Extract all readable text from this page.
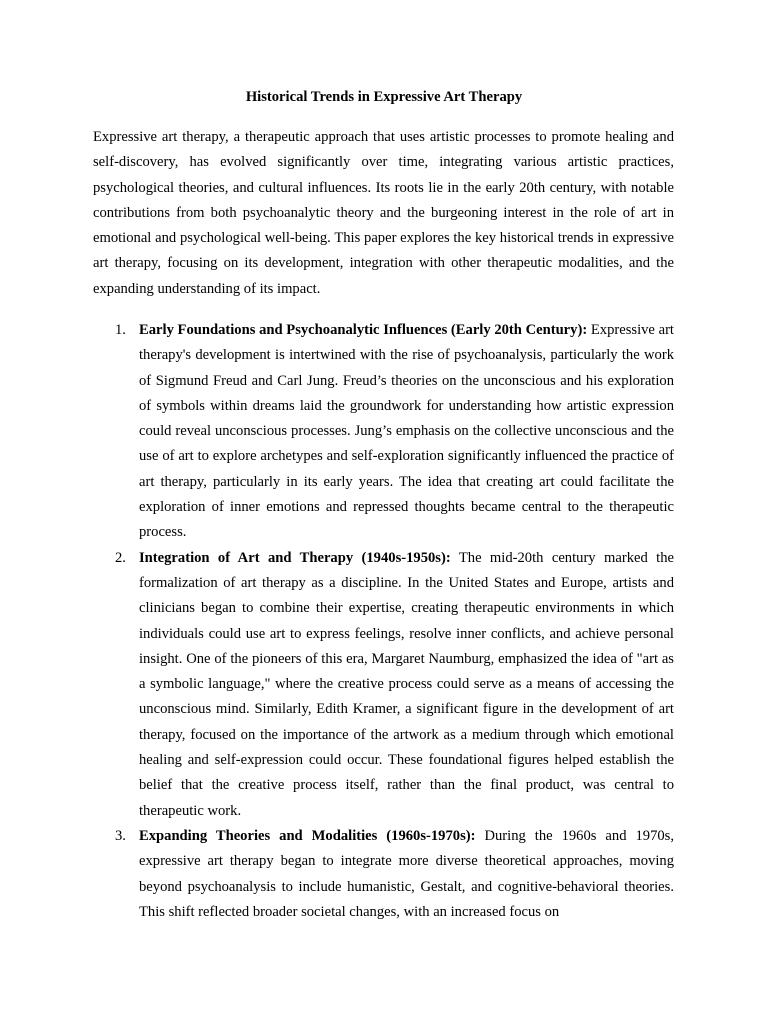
Historical Trends in Expressive Art Therapy

Expressive art therapy, a therapeutic approach that uses artistic processes to promote healing and self-discovery, has evolved significantly over time, integrating various artistic practices, psychological theories, and cultural influences. Its roots lie in the early 20th century, with notable contributions from both psychoanalytic theory and the burgeoning interest in the role of art in emotional and psychological well-being. This paper explores the key historical trends in expressive art therapy, focusing on its development, integration with other therapeutic modalities, and the expanding understanding of its impact.

1. Early Foundations and Psychoanalytic Influences (Early 20th Century): Expressive art therapy's development is intertwined with the rise of psychoanalysis, particularly the work of Sigmund Freud and Carl Jung. Freud’s theories on the unconscious and his exploration of symbols within dreams laid the groundwork for understanding how artistic expression could reveal unconscious processes. Jung’s emphasis on the collective unconscious and the use of art to explore archetypes and self-exploration significantly influenced the practice of art therapy, particularly in its early years. The idea that creating art could facilitate the exploration of inner emotions and repressed thoughts became central to the therapeutic process.
2. Integration of Art and Therapy (1940s-1950s): The mid-20th century marked the formalization of art therapy as a discipline. In the United States and Europe, artists and clinicians began to combine their expertise, creating therapeutic environments in which individuals could use art to express feelings, resolve inner conflicts, and achieve personal insight. One of the pioneers of this era, Margaret Naumburg, emphasized the idea of "art as a symbolic language," where the creative process could serve as a means of accessing the unconscious mind. Similarly, Edith Kramer, a significant figure in the development of art therapy, focused on the importance of the artwork as a medium through which emotional healing and self-expression could occur. These foundational figures helped establish the belief that the creative process itself, rather than the final product, was central to therapeutic work.
3. Expanding Theories and Modalities (1960s-1970s): During the 1960s and 1970s, expressive art therapy began to integrate more diverse theoretical approaches, moving beyond psychoanalysis to include humanistic, Gestalt, and cognitive-behavioral theories. This shift reflected broader societal changes, with an increased focus on
